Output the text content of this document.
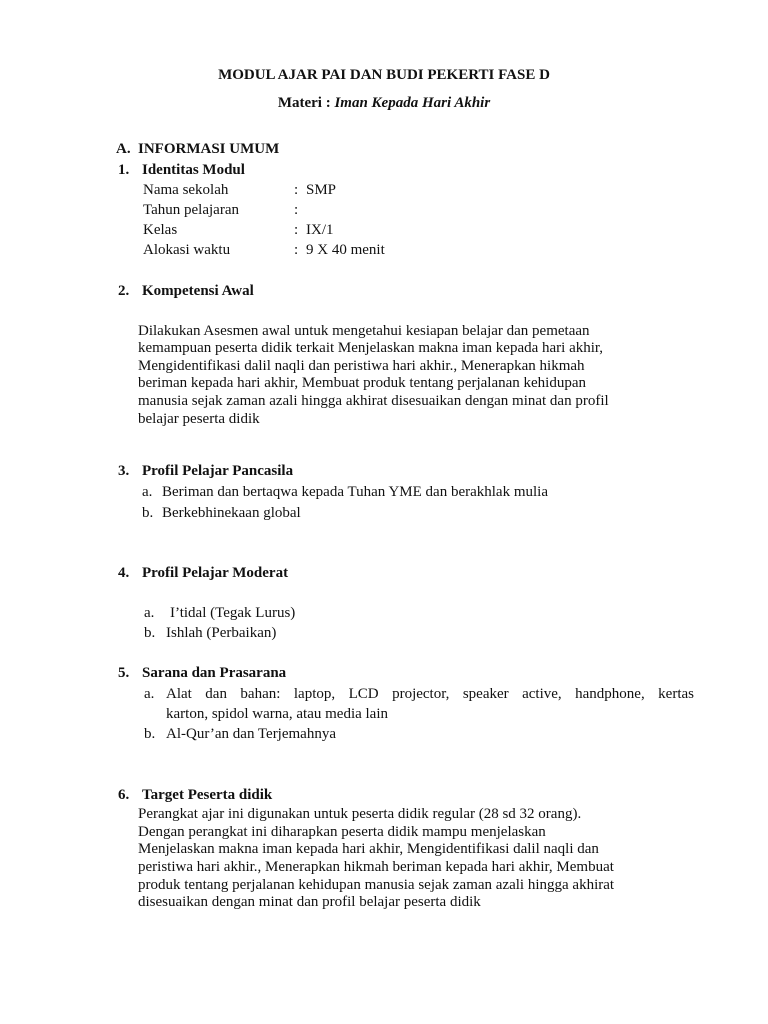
MODUL AJAR PAI DAN BUDI PEKERTI FASE D
Materi : Iman Kepada Hari Akhir
A. INFORMASI UMUM
1. Identitas Modul
Nama sekolah	: SMP
Tahun pelajaran	:
Kelas	: IX/1
Alokasi waktu	: 9 X 40 menit
2. Kompetensi Awal
Dilakukan Asesmen awal untuk mengetahui kesiapan belajar dan pemetaan
kemampuan peserta didik terkait Menjelaskan makna iman kepada hari akhir,
Mengidentifikasi dalil naqli dan peristiwa hari akhir., Menerapkan hikmah
beriman kepada hari akhir, Membuat produk tentang perjalanan kehidupan
manusia sejak zaman azali hingga akhirat disesuaikan dengan minat dan profil
belajar peserta didik
3. Profil Pelajar Pancasila
a. Beriman dan bertaqwa kepada Tuhan YME dan berakhlak mulia
b. Berkebhinekaan global
4. Profil Pelajar Moderat
a. I’tidal (Tegak Lurus)
b. Ishlah (Perbaikan)
5. Sarana dan Prasarana
a. Alat dan bahan: laptop, LCD projector, speaker active, handphone, kertas
karton, spidol warna, atau media lain
b. Al-Qur’an dan Terjemahnya
6. Target Peserta didik
Perangkat ajar ini digunakan untuk peserta didik regular (28 sd 32 orang).
Dengan perangkat ini diharapkan peserta didik mampu menjelaskan
Menjelaskan makna iman kepada hari akhir, Mengidentifikasi dalil naqli dan
peristiwa hari akhir., Menerapkan hikmah beriman kepada hari akhir, Membuat
produk tentang perjalanan kehidupan manusia sejak zaman azali hingga akhirat
disesuaikan dengan minat dan profil belajar peserta didik
